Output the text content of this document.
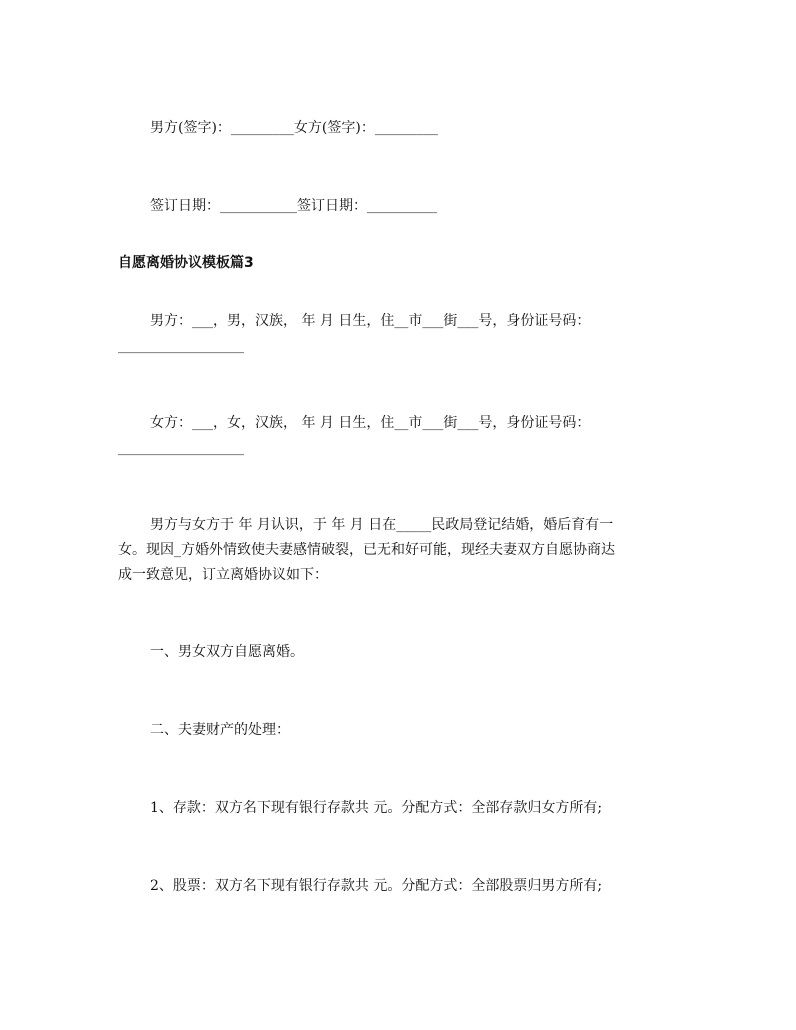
男方(签字)：_________女方(签字)：_________
签订日期：___________签订日期：__________
自愿离婚协议模板篇3
男方：___，男，汉族， 年 月 日生，住__市___街___号，身份证号码：
__________________
女方：___，女，汉族， 年 月 日生，住__市___街___号，身份证号码：
__________________
男方与女方于 年 月认识，于 年 月 日在_____民政局登记结婚，婚后育有一
女。现因_方婚外情致使夫妻感情破裂，已无和好可能，现经夫妻双方自愿协商达
成一致意见，订立离婚协议如下：
一、男女双方自愿离婚。
二、夫妻财产的处理：
1、存款：双方名下现有银行存款共 元。分配方式：全部存款归女方所有;
2、股票：双方名下现有银行存款共 元。分配方式：全部股票归男方所有;
